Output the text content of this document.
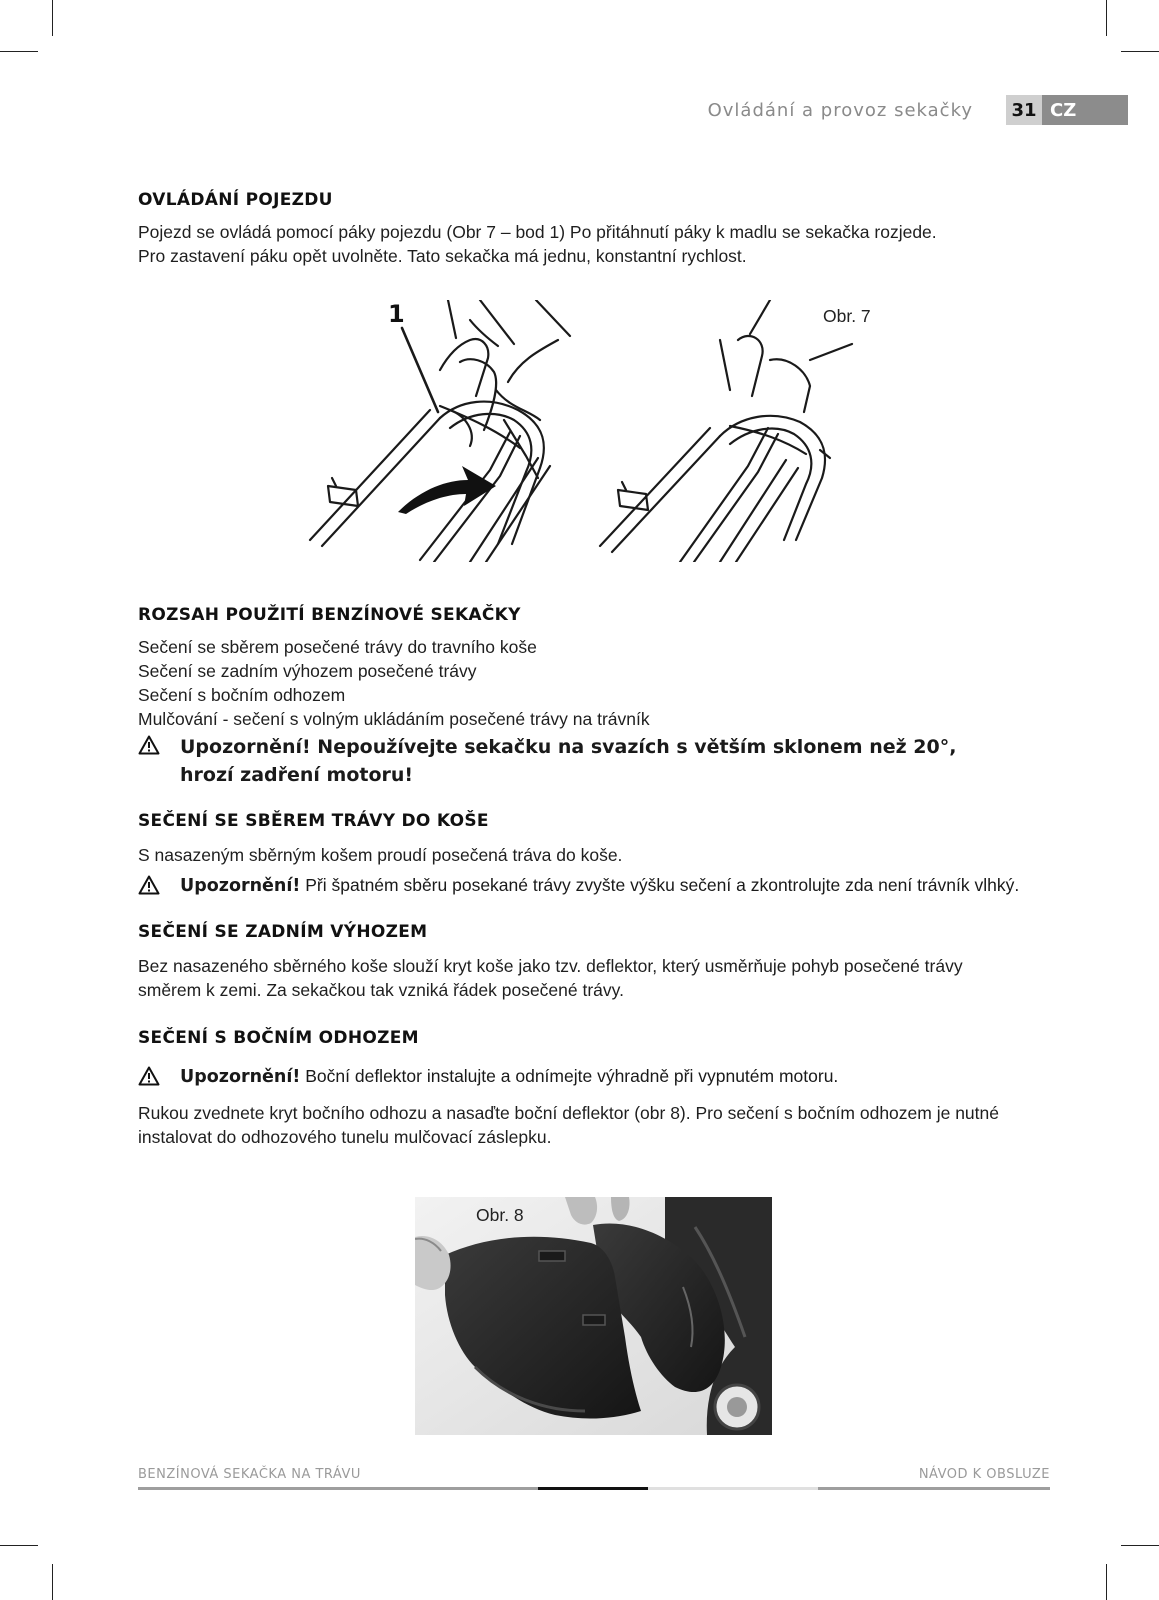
Ovládání a provoz sekačky	31 CZ
OVLÁDÁNÍ POJEZDU

Pojezd se ovládá pomocí páky pojezdu (Obr 7 – bod 1) Po přitáhnutí páky k madlu se sekačka rozjede.

Pro zastavení páku opět uvolněte. Tato sekačka má jednu, konstantní rychlost.

ROZSAH POUŽITÍ BENZÍNOVÉ SEKAČKY

Sečení se sběrem posečené trávy do travního koše

Sečení se zadním výhozem posečené trávy

Sečení s bočním odhozem

Mulčování - sečení s volným ukládáním posečené trávy na trávník

Upozornění! Nepoužívejte sekačku na svazích s větším sklonem než 20°,
hrozí zadření motoru!
SEČENÍ SE SBĚREM TRÁVY DO KOŠE

S nasazeným sběrným košem proudí posečená tráva do koše.

Upozornění! Při špatném sběru posekané trávy zvyšte výšku sečení a zkontrolujte zda není trávník vlhký.
SEČENÍ SE ZADNÍM VÝHOZEM

Bez nasazeného sběrného koše slouží kryt koše jako tzv. deflektor, který usměrňuje pohyb posečené trávy

směrem k zemi. Za sekačkou tak vzniká řádek posečené trávy.

SEČENÍ S BOČNÍM ODHOZEM
Upozornění! Boční deflektor instalujte a odnímejte výhradně při vypnutém motoru.

Rukou zvednete kryt bočního odhozu a nasaďte boční deflektor (obr 8). Pro sečení s bočním odhozem je nutné

instalovat do odhozového tunelu mulčovací záslepku.

1	Obr. 7
Obr. 8
BENZÍNOVÁ SEKAČKA NA TRÁVU	NÁVOD K OBSLUZE
